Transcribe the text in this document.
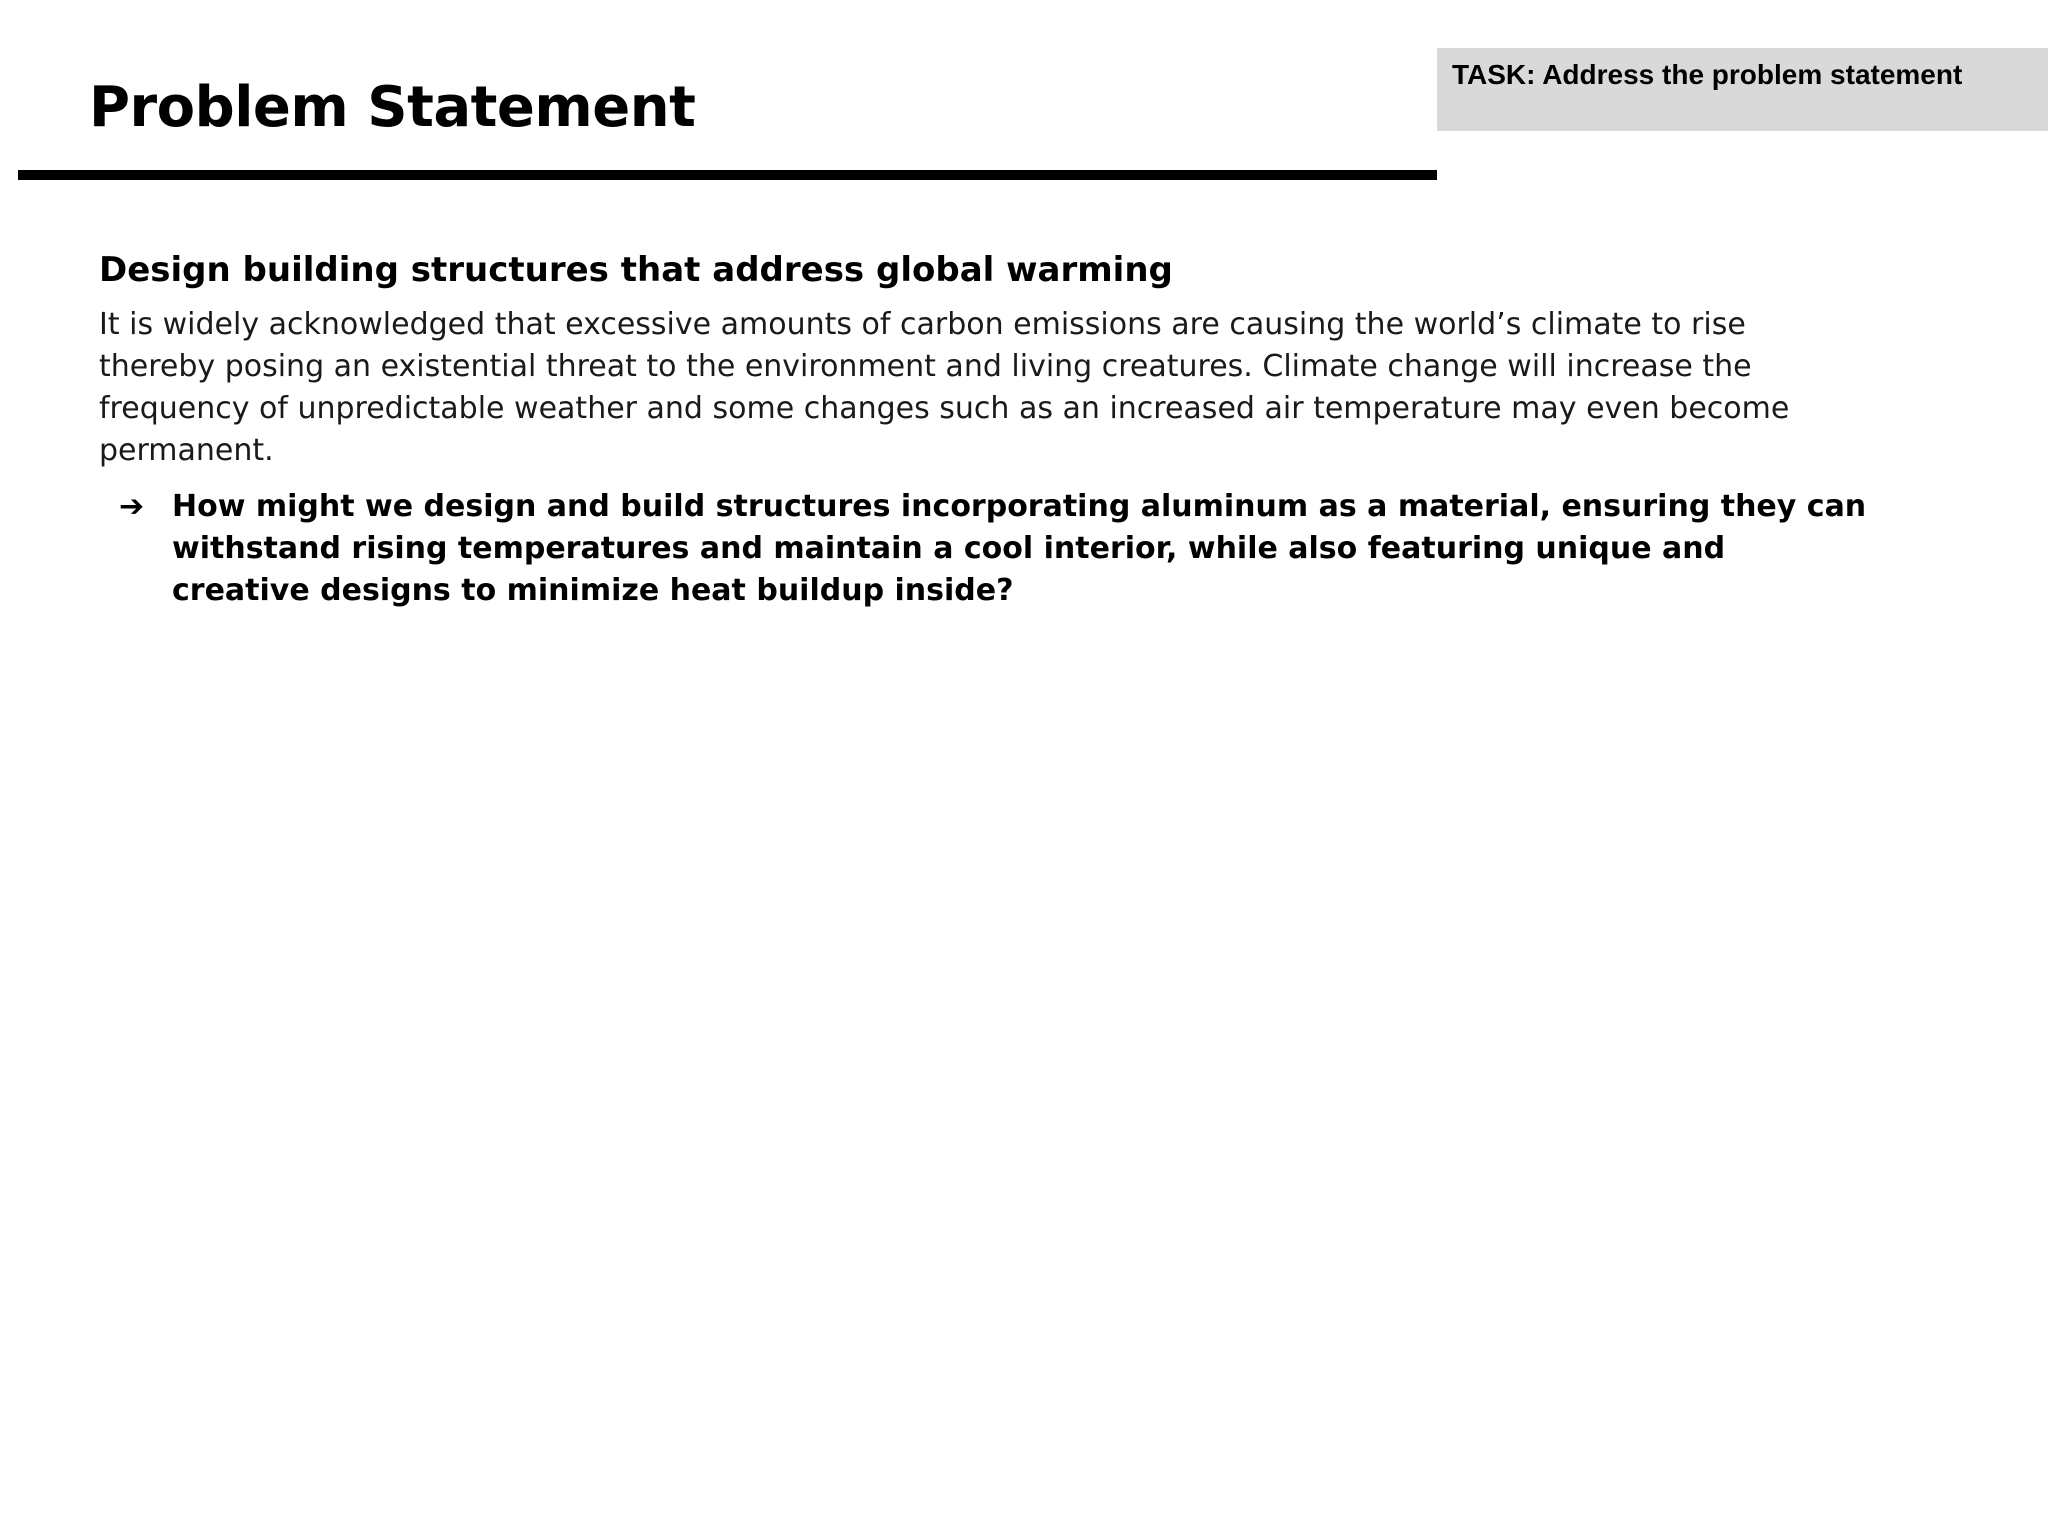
Problem Statement
TASK: Address the problem statement
Design building structures that address global warming

It is widely acknowledged that excessive amounts of carbon emissions are causing the world’s climate to rise thereby posing an existential threat to the environment and living creatures. Climate change will increase the frequency of unpredictable weather and some changes such as an increased air temperature may even become permanent.

➔ How might we design and build structures incorporating aluminum as a material, ensuring they can withstand rising temperatures and maintain a cool interior, while also featuring unique and creative designs to minimize heat buildup inside?
